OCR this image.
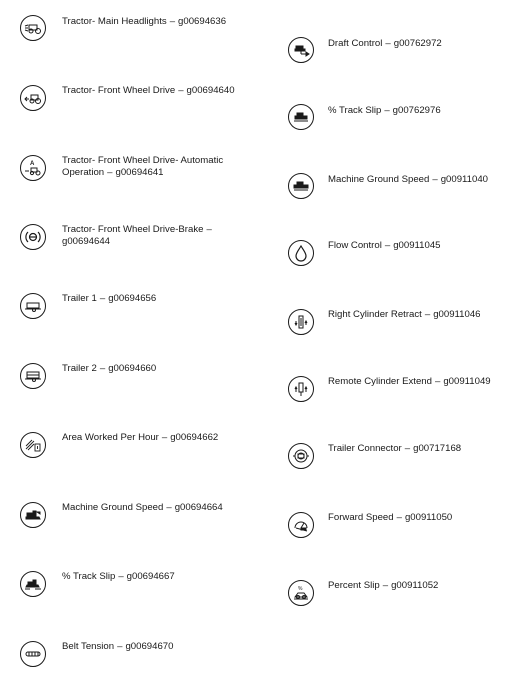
Tractor- Main Headlights – g00694636
Tractor- Front Wheel Drive – g00694640
A	Tractor- Front Wheel Drive- Automatic Operation – g00694641
Tractor- Front Wheel Drive-Brake –g00694644
Trailer 1 – g00694656
Trailer 2 – g00694660
Area Worked Per Hour – g00694662
Machine Ground Speed – g00694664
% Track Slip – g00694667
Belt Tension – g00694670
Draft Control – g00762972
% Track Slip – g00762976
Machine Ground Speed – g00911040
Flow Control – g00911045
Right Cylinder Retract – g00911046
Remote Cylinder Extend – g00911049
Trailer Connector – g00717168
Forward Speed – g00911050
%	Percent Slip – g00911052
